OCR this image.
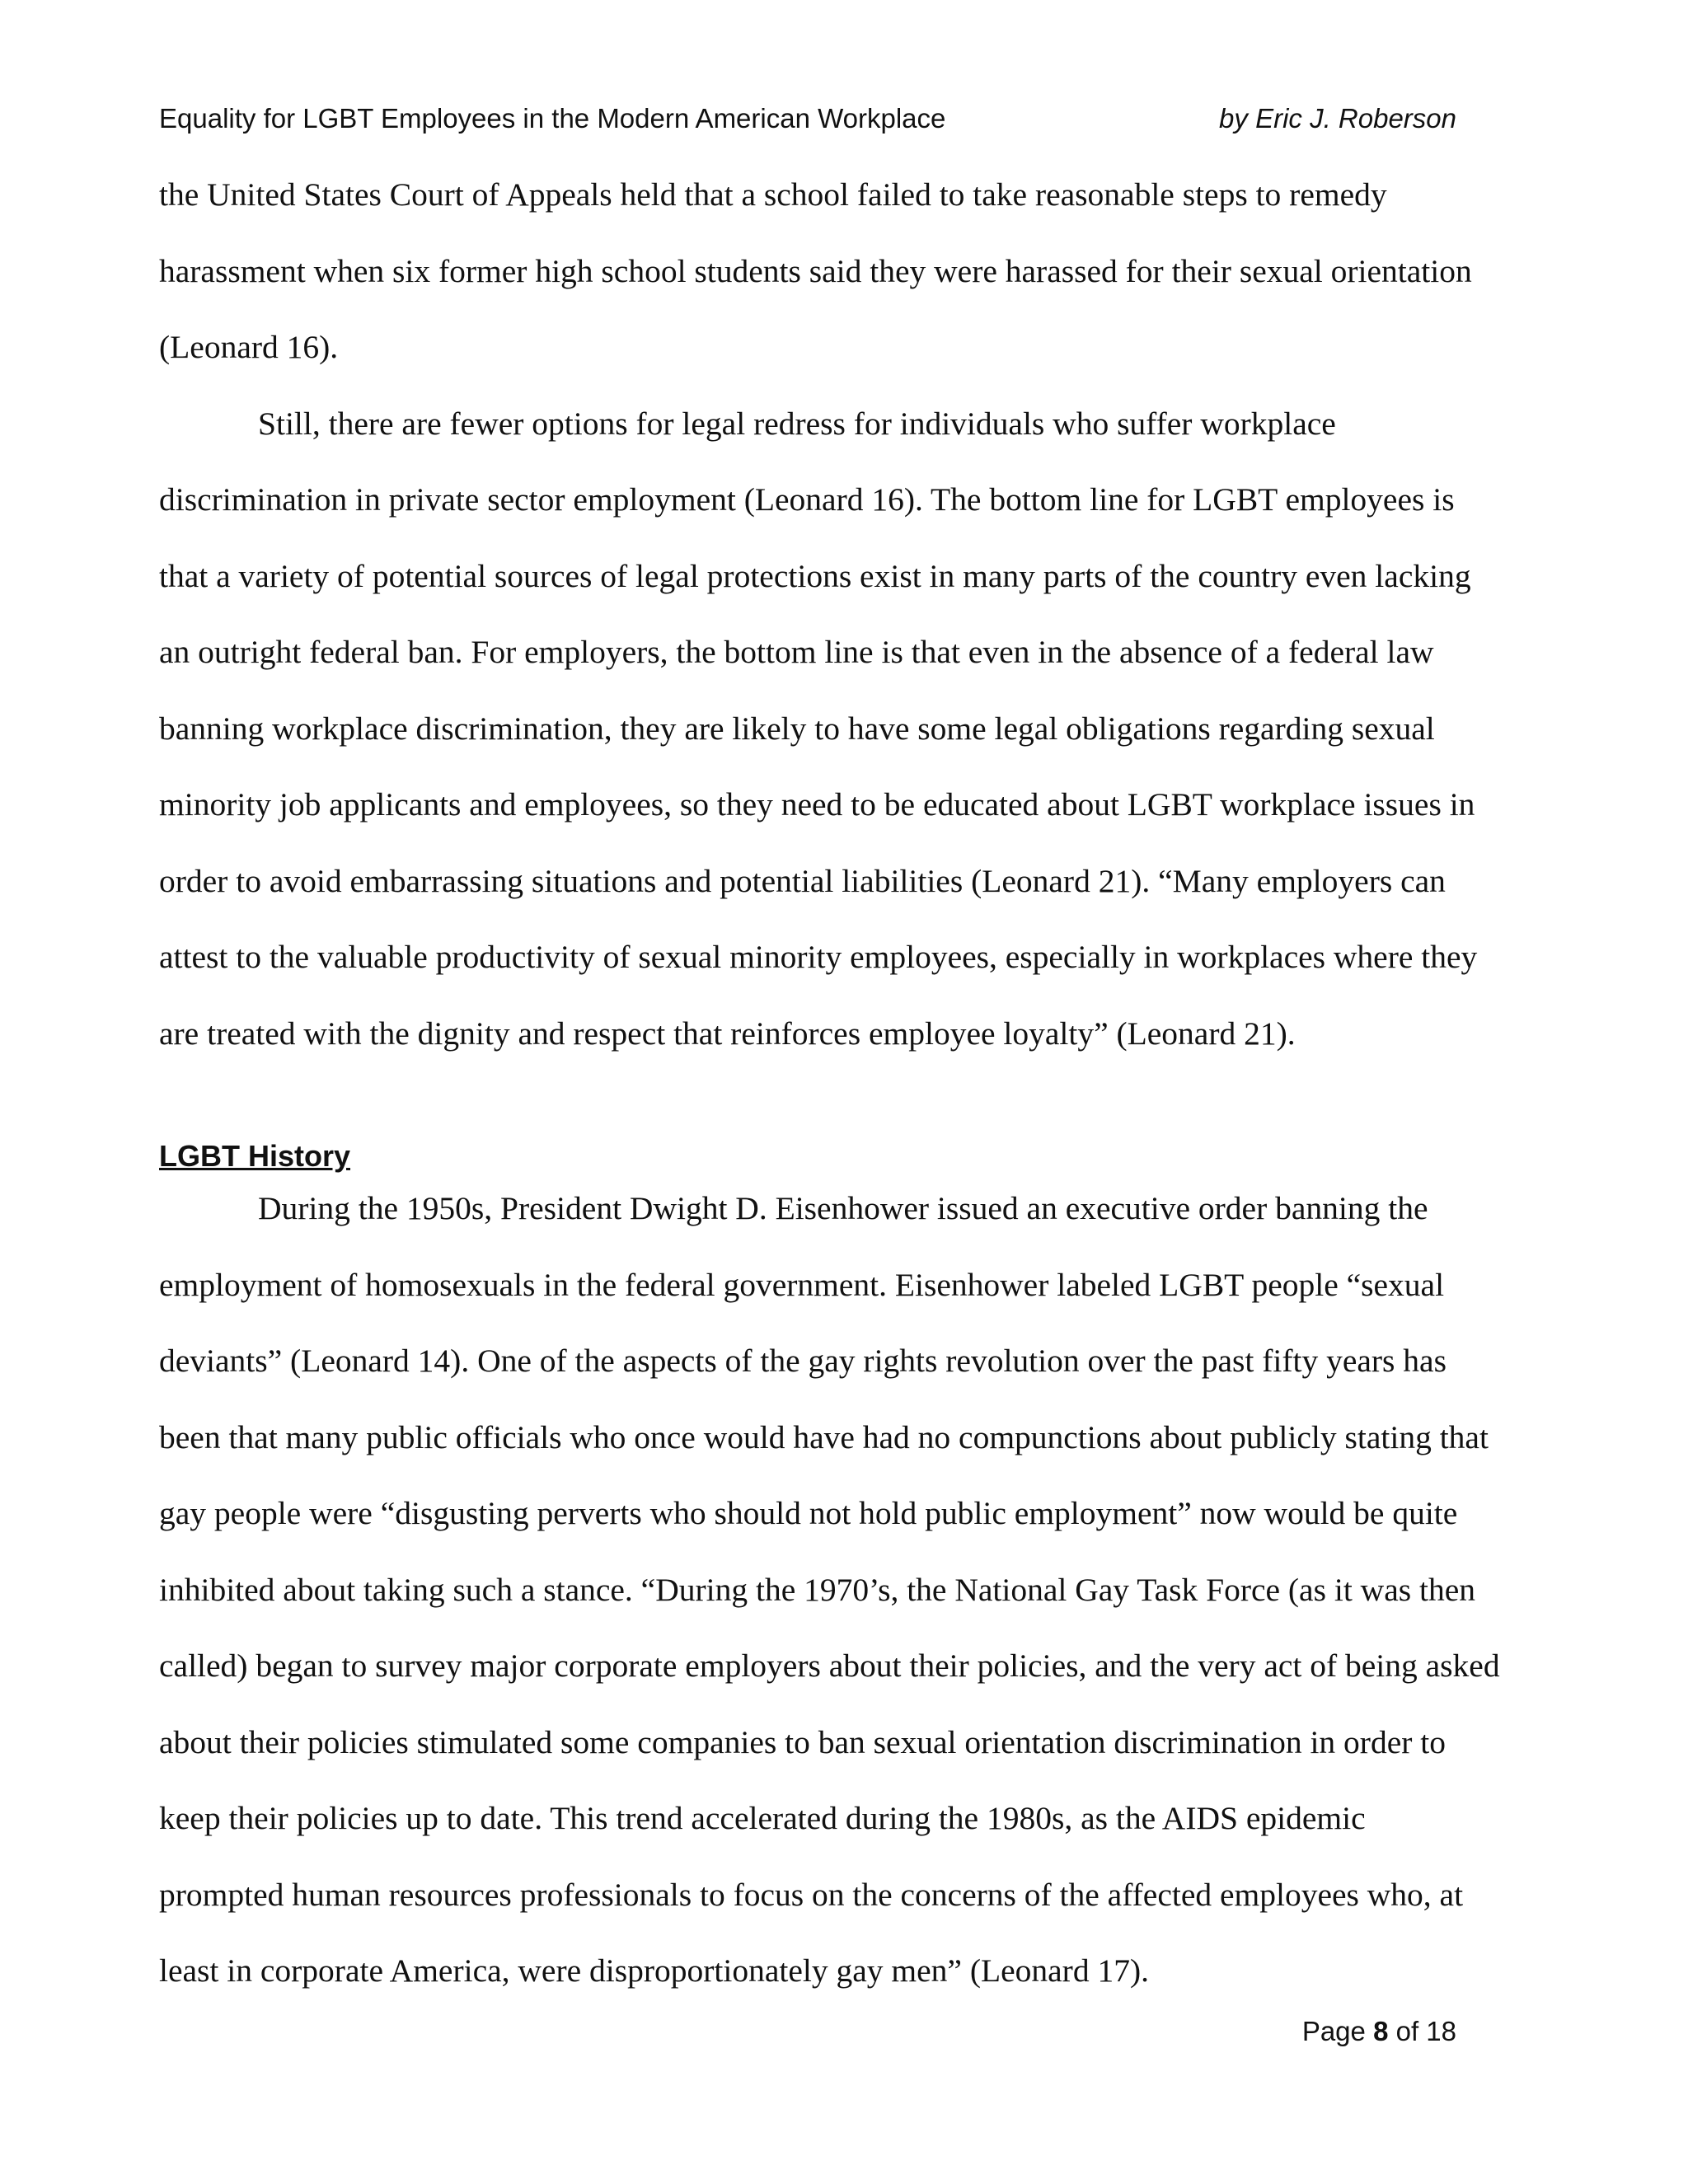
Equality for LGBT Employees in the Modern American Workplace	by Eric J. Roberson
the United States Court of Appeals held that a school failed to take reasonable steps to remedy
harassment when six former high school students said they were harassed for their sexual orientation
(Leonard 16).
Still, there are fewer options for legal redress for individuals who suffer workplace
discrimination in private sector employment (Leonard 16). The bottom line for LGBT employees is
that a variety of potential sources of legal protections exist in many parts of the country even lacking
an outright federal ban. For employers, the bottom line is that even in the absence of a federal law
banning workplace discrimination, they are likely to have some legal obligations regarding sexual
minority job applicants and employees, so they need to be educated about LGBT workplace issues in
order to avoid embarrassing situations and potential liabilities (Leonard 21). “Many employers can
attest to the valuable productivity of sexual minority employees, especially in workplaces where they
are treated with the dignity and respect that reinforces employee loyalty” (Leonard 21).
LGBT History
During the 1950s, President Dwight D. Eisenhower issued an executive order banning the
employment of homosexuals in the federal government. Eisenhower labeled LGBT people “sexual
deviants” (Leonard 14). One of the aspects of the gay rights revolution over the past fifty years has
been that many public officials who once would have had no compunctions about publicly stating that
gay people were “disgusting perverts who should not hold public employment” now would be quite
inhibited about taking such a stance. “During the 1970’s, the National Gay Task Force (as it was then
called) began to survey major corporate employers about their policies, and the very act of being asked
about their policies stimulated some companies to ban sexual orientation discrimination in order to
keep their policies up to date. This trend accelerated during the 1980s, as the AIDS epidemic
prompted human resources professionals to focus on the concerns of the affected employees who, at
least in corporate America, were disproportionately gay men” (Leonard 17).
Page 8 of 18
